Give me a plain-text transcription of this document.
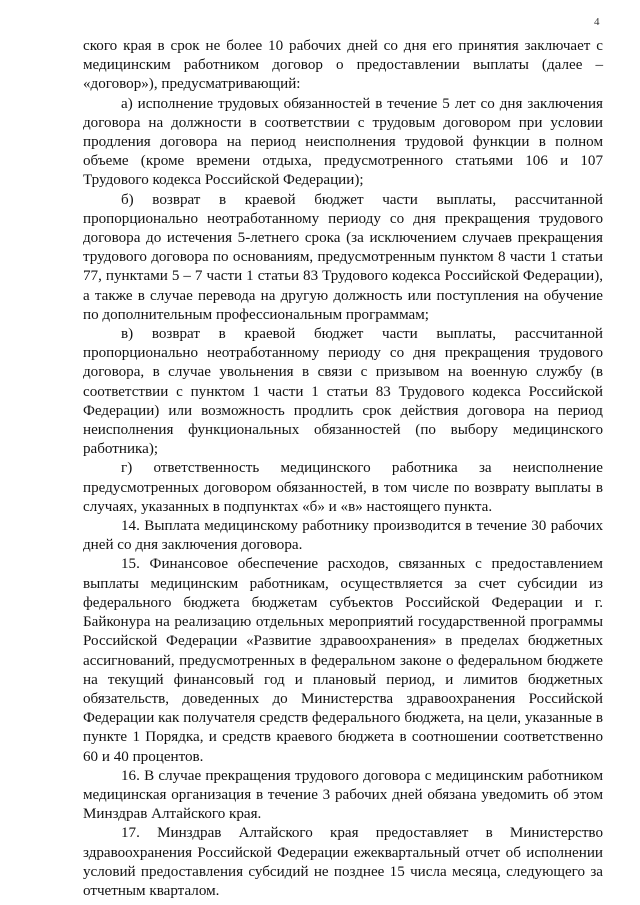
4

ского края в срок не более 10 рабочих дней со дня его принятия заключает с медицинским работником договор о предоставлении выплаты (далее – «договор»), предусматривающий:

а) исполнение трудовых обязанностей в течение 5 лет со дня заключения договора на должности в соответствии с трудовым договором при условии продления договора на период неисполнения трудовой функции в полном объеме (кроме времени отдыха, предусмотренного статьями 106 и 107 Трудового кодекса Российской Федерации);

б) возврат в краевой бюджет части выплаты, рассчитанной пропорционально неотработанному периоду со дня прекращения трудового договора до истечения 5-летнего срока (за исключением случаев прекращения трудового договора по основаниям, предусмотренным пунктом 8 части 1 статьи 77, пунктами 5 – 7 части 1 статьи 83 Трудового кодекса Российской Федерации), а также в случае перевода на другую должность или поступления на обучение по дополнительным профессиональным программам;

в) возврат в краевой бюджет части выплаты, рассчитанной пропорционально неотработанному периоду со дня прекращения трудового договора, в случае увольнения в связи с призывом на военную службу (в соответствии с пунктом 1 части 1 статьи 83 Трудового кодекса Российской Федерации) или возможность продлить срок действия договора на период неисполнения функциональных обязанностей (по выбору медицинского работника);

г) ответственность медицинского работника за неисполнение предусмотренных договором обязанностей, в том числе по возврату выплаты в случаях, указанных в подпунктах «б» и «в» настоящего пункта.

14. Выплата медицинскому работнику производится в течение 30 рабочих дней со дня заключения договора.

15. Финансовое обеспечение расходов, связанных с предоставлением выплаты медицинским работникам, осуществляется за счет субсидии из федерального бюджета бюджетам субъектов Российской Федерации и г. Байконура на реализацию отдельных мероприятий государственной программы Российской Федерации «Развитие здравоохранения» в пределах бюджетных ассигнований, предусмотренных в федеральном законе о федеральном бюджете на текущий финансовый год и плановый период, и лимитов бюджетных обязательств, доведенных до Министерства здравоохранения Российской Федерации как получателя средств федерального бюджета, на цели, указанные в пункте 1 Порядка, и средств краевого бюджета в соотношении соответственно 60 и 40 процентов.

16. В случае прекращения трудового договора с медицинским работником медицинская организация в течение 3 рабочих дней обязана уведомить об этом Минздрав Алтайского края.

17. Минздрав Алтайского края предоставляет в Министерство здравоохранения Российской Федерации ежеквартальный отчет об исполнении условий предоставления субсидий не позднее 15 числа месяца, следующего за отчетным кварталом.
